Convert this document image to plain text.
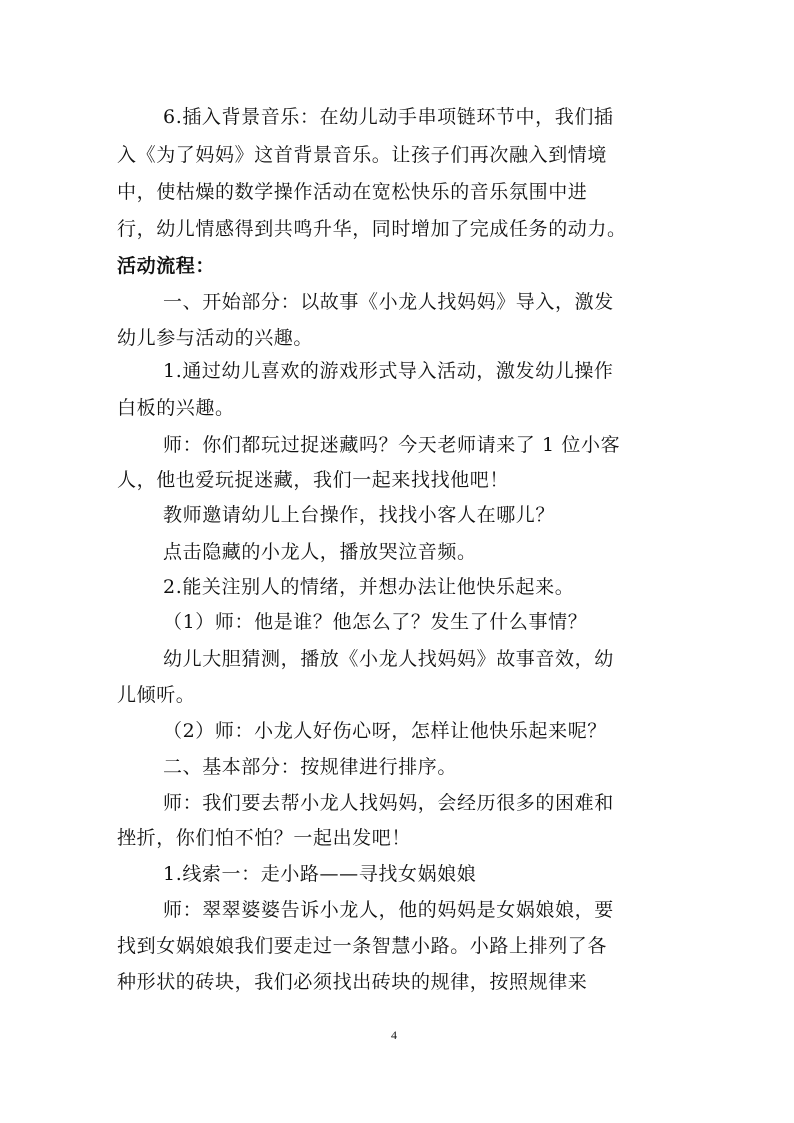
6.插入背景音乐：在幼儿动手串项链环节中，我们插
入《为了妈妈》这首背景音乐。让孩子们再次融入到情境
中，使枯燥的数学操作活动在宽松快乐的音乐氛围中进
行，幼儿情感得到共鸣升华，同时增加了完成任务的动力。
活动流程：
一、开始部分：以故事《小龙人找妈妈》导入，激发
幼儿参与活动的兴趣。
1.通过幼儿喜欢的游戏形式导入活动，激发幼儿操作
白板的兴趣。
师：你们都玩过捉迷藏吗？今天老师请来了 1 位小客
人，他也爱玩捉迷藏，我们一起来找找他吧！
教师邀请幼儿上台操作，找找小客人在哪儿？
点击隐藏的小龙人，播放哭泣音频。
2.能关注别人的情绪，并想办法让他快乐起来。
（1）师：他是谁？他怎么了？发生了什么事情？
幼儿大胆猜测，播放《小龙人找妈妈》故事音效，幼
儿倾听。
（2）师：小龙人好伤心呀，怎样让他快乐起来呢？
二、基本部分：按规律进行排序。
师：我们要去帮小龙人找妈妈，会经历很多的困难和
挫折，你们怕不怕？一起出发吧！
1.线索一：走小路——寻找女娲娘娘
师：翠翠婆婆告诉小龙人，他的妈妈是女娲娘娘，要
找到女娲娘娘我们要走过一条智慧小路。小路上排列了各
种形状的砖块，我们必须找出砖块的规律，按照规律来
4
